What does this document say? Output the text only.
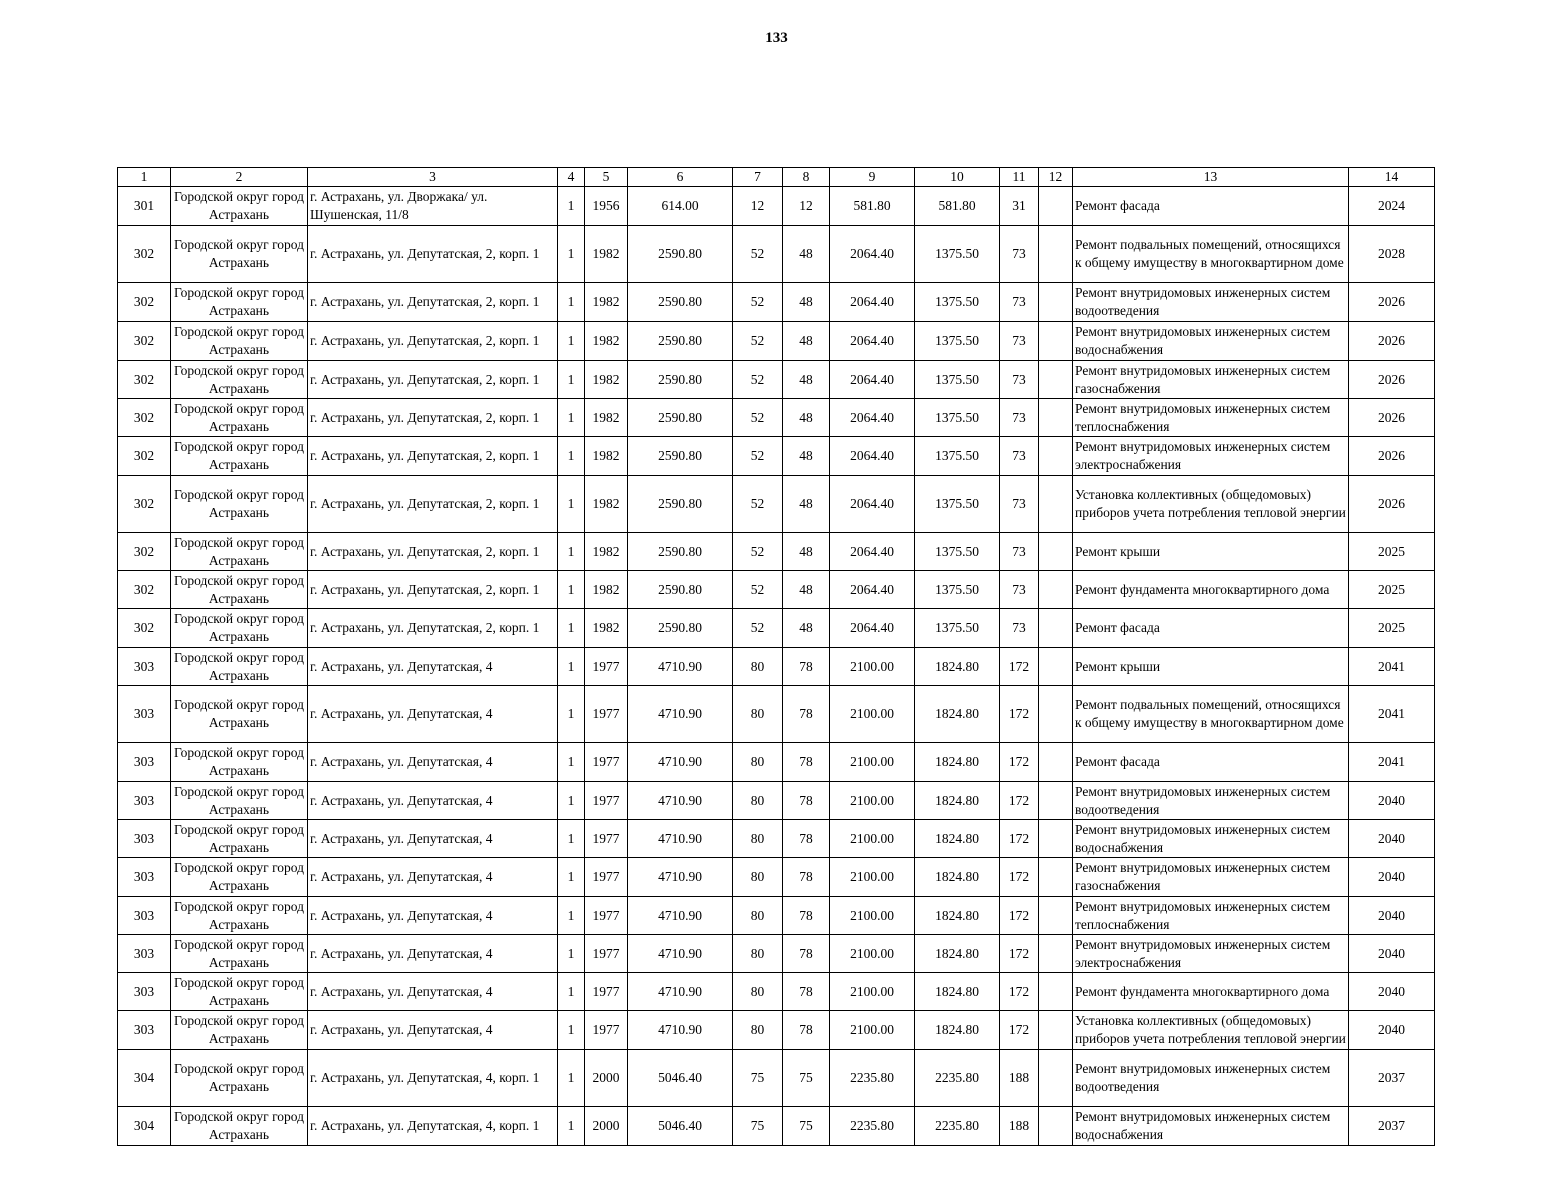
133
1	2	3	4	5	6	7	8	9	10	11	12	13	14
301	Городской округ город Астрахань	г. Астрахань, ул. Дворжака/ ул. Шушенская, 11/8	1	1956	614.00	12	12	581.80	581.80	31		Ремонт фасада	2024
302	Городской округ город Астрахань	г. Астрахань, ул. Депутатская, 2, корп. 1	1	1982	2590.80	52	48	2064.40	1375.50	73		Ремонт подвальных помещений, относящихся к общему имуществу в многоквартирном доме	2028
302	Городской округ город Астрахань	г. Астрахань, ул. Депутатская, 2, корп. 1	1	1982	2590.80	52	48	2064.40	1375.50	73		Ремонт внутридомовых инженерных систем водоотведения	2026
302	Городской округ город Астрахань	г. Астрахань, ул. Депутатская, 2, корп. 1	1	1982	2590.80	52	48	2064.40	1375.50	73		Ремонт внутридомовых инженерных систем водоснабжения	2026
302	Городской округ город Астрахань	г. Астрахань, ул. Депутатская, 2, корп. 1	1	1982	2590.80	52	48	2064.40	1375.50	73		Ремонт внутридомовых инженерных систем газоснабжения	2026
302	Городской округ город Астрахань	г. Астрахань, ул. Депутатская, 2, корп. 1	1	1982	2590.80	52	48	2064.40	1375.50	73		Ремонт внутридомовых инженерных систем теплоснабжения	2026
302	Городской округ город Астрахань	г. Астрахань, ул. Депутатская, 2, корп. 1	1	1982	2590.80	52	48	2064.40	1375.50	73		Ремонт внутридомовых инженерных систем электроснабжения	2026
302	Городской округ город Астрахань	г. Астрахань, ул. Депутатская, 2, корп. 1	1	1982	2590.80	52	48	2064.40	1375.50	73		Установка коллективных (общедомовых) приборов учета потребления тепловой энергии	2026
302	Городской округ город Астрахань	г. Астрахань, ул. Депутатская, 2, корп. 1	1	1982	2590.80	52	48	2064.40	1375.50	73		Ремонт крыши	2025
302	Городской округ город Астрахань	г. Астрахань, ул. Депутатская, 2, корп. 1	1	1982	2590.80	52	48	2064.40	1375.50	73		Ремонт фундамента многоквартирного дома	2025
302	Городской округ город Астрахань	г. Астрахань, ул. Депутатская, 2, корп. 1	1	1982	2590.80	52	48	2064.40	1375.50	73		Ремонт фасада	2025
303	Городской округ город Астрахань	г. Астрахань, ул. Депутатская, 4	1	1977	4710.90	80	78	2100.00	1824.80	172		Ремонт крыши	2041
303	Городской округ город Астрахань	г. Астрахань, ул. Депутатская, 4	1	1977	4710.90	80	78	2100.00	1824.80	172		Ремонт подвальных помещений, относящихся к общему имуществу в многоквартирном доме	2041
303	Городской округ город Астрахань	г. Астрахань, ул. Депутатская, 4	1	1977	4710.90	80	78	2100.00	1824.80	172		Ремонт фасада	2041
303	Городской округ город Астрахань	г. Астрахань, ул. Депутатская, 4	1	1977	4710.90	80	78	2100.00	1824.80	172		Ремонт внутридомовых инженерных систем водоотведения	2040
303	Городской округ город Астрахань	г. Астрахань, ул. Депутатская, 4	1	1977	4710.90	80	78	2100.00	1824.80	172		Ремонт внутридомовых инженерных систем водоснабжения	2040
303	Городской округ город Астрахань	г. Астрахань, ул. Депутатская, 4	1	1977	4710.90	80	78	2100.00	1824.80	172		Ремонт внутридомовых инженерных систем газоснабжения	2040
303	Городской округ город Астрахань	г. Астрахань, ул. Депутатская, 4	1	1977	4710.90	80	78	2100.00	1824.80	172		Ремонт внутридомовых инженерных систем теплоснабжения	2040
303	Городской округ город Астрахань	г. Астрахань, ул. Депутатская, 4	1	1977	4710.90	80	78	2100.00	1824.80	172		Ремонт внутридомовых инженерных систем электроснабжения	2040
303	Городской округ город Астрахань	г. Астрахань, ул. Депутатская, 4	1	1977	4710.90	80	78	2100.00	1824.80	172		Ремонт фундамента многоквартирного дома	2040
303	Городской округ город Астрахань	г. Астрахань, ул. Депутатская, 4	1	1977	4710.90	80	78	2100.00	1824.80	172		Установка коллективных (общедомовых) приборов учета потребления тепловой энергии	2040
304	Городской округ город Астрахань	г. Астрахань, ул. Депутатская, 4, корп. 1	1	2000	5046.40	75	75	2235.80	2235.80	188		Ремонт внутридомовых инженерных систем водоотведения	2037
304	Городской округ город Астрахань	г. Астрахань, ул. Депутатская, 4, корп. 1	1	2000	5046.40	75	75	2235.80	2235.80	188		Ремонт внутридомовых инженерных систем водоснабжения	2037
